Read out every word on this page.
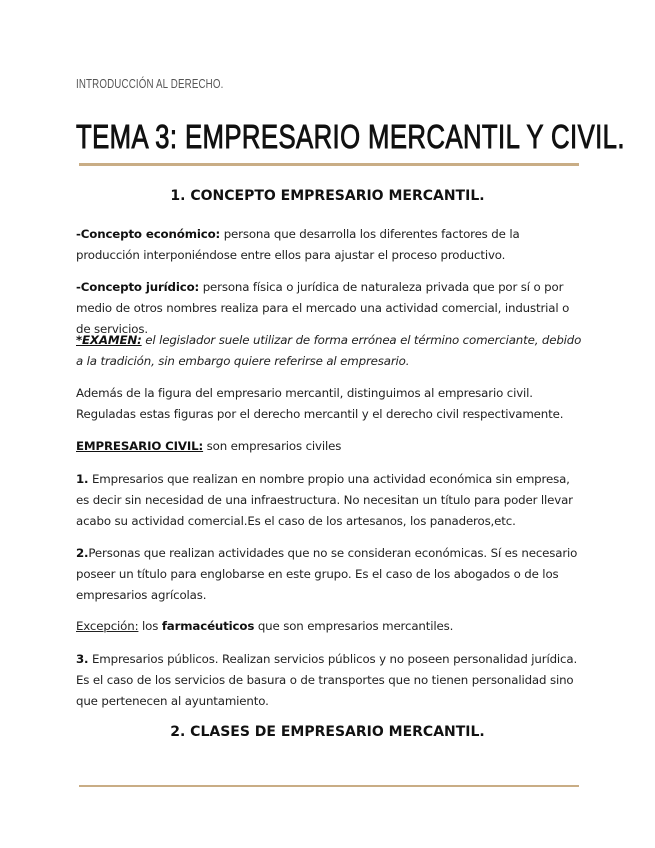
INTRODUCCIÓN AL DERECHO.
TEMA 3: EMPRESARIO MERCANTIL Y CIVIL.
1. CONCEPTO EMPRESARIO MERCANTIL.

-Concepto económico: persona que desarrolla los diferentes factores de la producción interponiéndose entre ellos para ajustar el proceso productivo.

-Concepto jurídico: persona física o jurídica de naturaleza privada que por sí o por medio de otros nombres realiza para el mercado una actividad comercial, industrial o de servicios.

*EXAMEN: el legislador suele utilizar de forma errónea el término comerciante, debido a la tradición, sin embargo quiere referirse al empresario.

Además de la figura del empresario mercantil, distinguimos al empresario civil. Reguladas estas figuras por el derecho mercantil y el derecho civil respectivamente.

EMPRESARIO CIVIL: son empresarios civiles

1. Empresarios que realizan en nombre propio una actividad económica sin empresa, es decir sin necesidad de una infraestructura. No necesitan un título para poder llevar acabo su actividad comercial.Es el caso de los artesanos, los panaderos,etc.

2.Personas que realizan actividades que no se consideran económicas. Sí es necesario poseer un título para englobarse en este grupo. Es el caso de los abogados o de los empresarios agrícolas.

Excepción: los farmacéuticos que son empresarios mercantiles.

3. Empresarios públicos. Realizan servicios públicos y no poseen personalidad jurídica. Es el caso de los servicios de basura o de transportes que no tienen personalidad sino que pertenecen al ayuntamiento.

2. CLASES DE EMPRESARIO MERCANTIL.
